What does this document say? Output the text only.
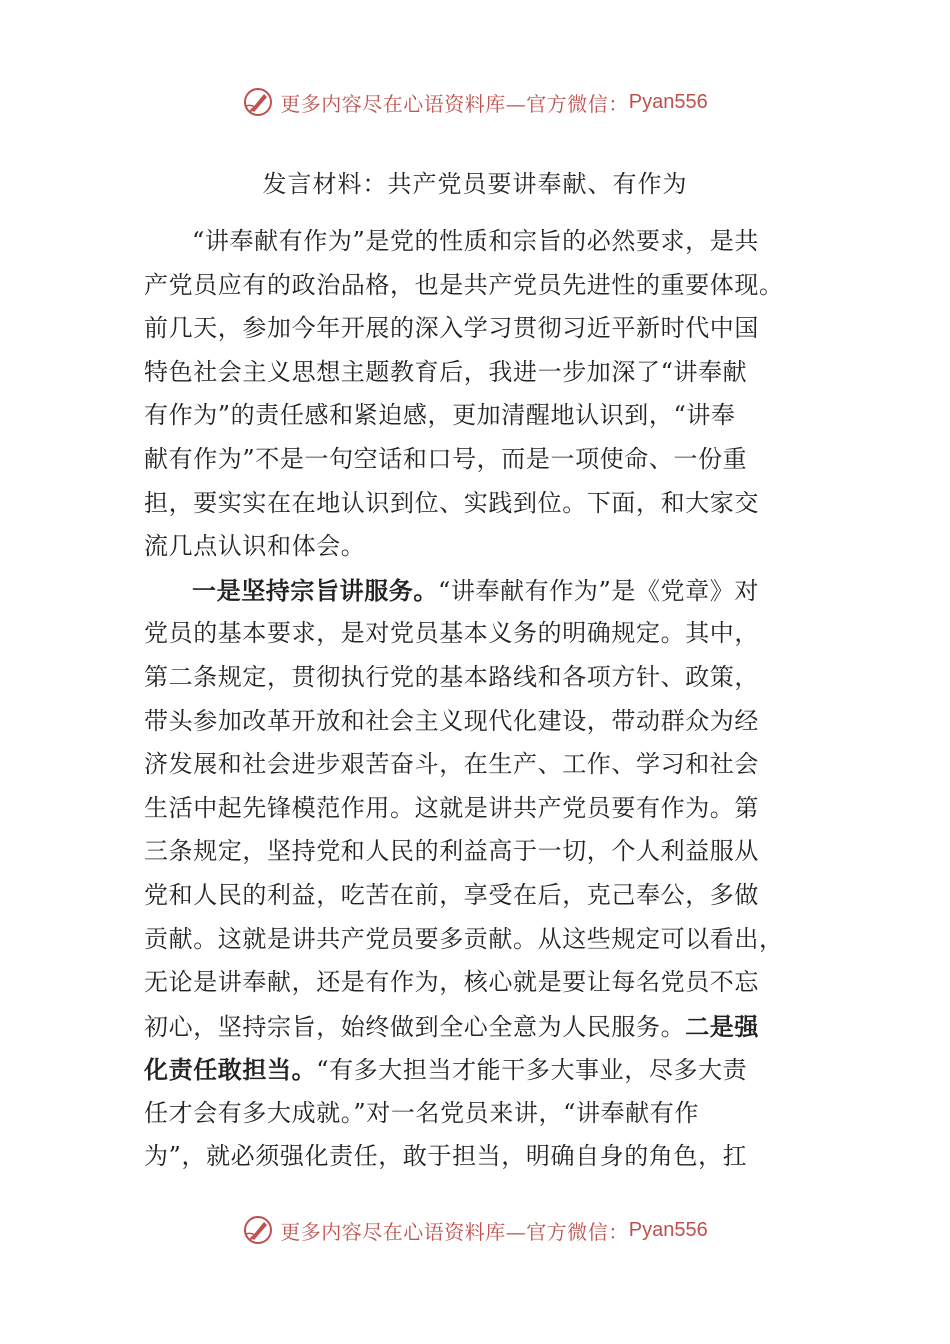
更多内容尽在心语资料库—官方微信： Pyan556
发言材料：共产党员要讲奉献、有作为
“讲奉献有作为”是党的性质和宗旨的必然要求，是共
产党员应有的政治品格，也是共产党员先进性的重要体现。
前几天，参加今年开展的深入学习贯彻习近平新时代中国
特色社会主义思想主题教育后，我进一步加深了“讲奉献
有作为”的责任感和紧迫感，更加清醒地认识到，“讲奉
献有作为”不是一句空话和口号，而是一项使命、一份重
担，要实实在在地认识到位、实践到位。下面，和大家交
流几点认识和体会。
一是坚持宗旨讲服务。“讲奉献有作为”是《党章》对
党员的基本要求，是对党员基本义务的明确规定。其中，
第二条规定，贯彻执行党的基本路线和各项方针、政策，
带头参加改革开放和社会主义现代化建设，带动群众为经
济发展和社会进步艰苦奋斗，在生产、工作、学习和社会
生活中起先锋模范作用。这就是讲共产党员要有作为。第
三条规定，坚持党和人民的利益高于一切，个人利益服从
党和人民的利益，吃苦在前，享受在后，克己奉公，多做
贡献。这就是讲共产党员要多贡献。从这些规定可以看出，
无论是讲奉献，还是有作为，核心就是要让每名党员不忘
初心，坚持宗旨，始终做到全心全意为人民服务。二是强
化责任敢担当。“有多大担当才能干多大事业，尽多大责
任才会有多大成就。”对一名党员来讲，“讲奉献有作
为”，就必须强化责任，敢于担当，明确自身的角色，扛
更多内容尽在心语资料库—官方微信： Pyan556
